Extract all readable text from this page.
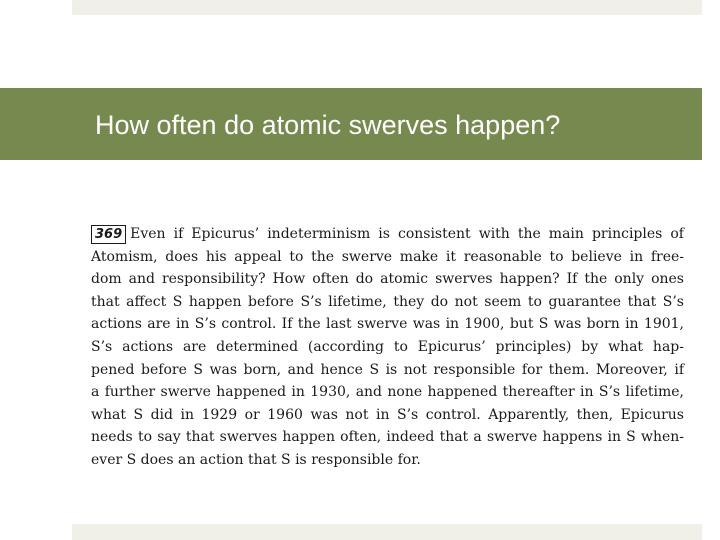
How often do atomic swerves happen?
369 Even if Epicurus’ indeterminism is consistent with the main principles of
Atomism, does his appeal to the swerve make it reasonable to believe in free-
dom and responsibility? How often do atomic swerves happen? If the only ones
that affect S happen before S’s lifetime, they do not seem to guarantee that S’s
actions are in S’s control. If the last swerve was in 1900, but S was born in 1901,
S’s actions are determined (according to Epicurus’ principles) by what hap-
pened before S was born, and hence S is not responsible for them. Moreover, if
a further swerve happened in 1930, and none happened thereafter in S’s lifetime,
what S did in 1929 or 1960 was not in S’s control. Apparently, then, Epicurus
needs to say that swerves happen often, indeed that a swerve happens in S when-
ever S does an action that S is responsible for.
